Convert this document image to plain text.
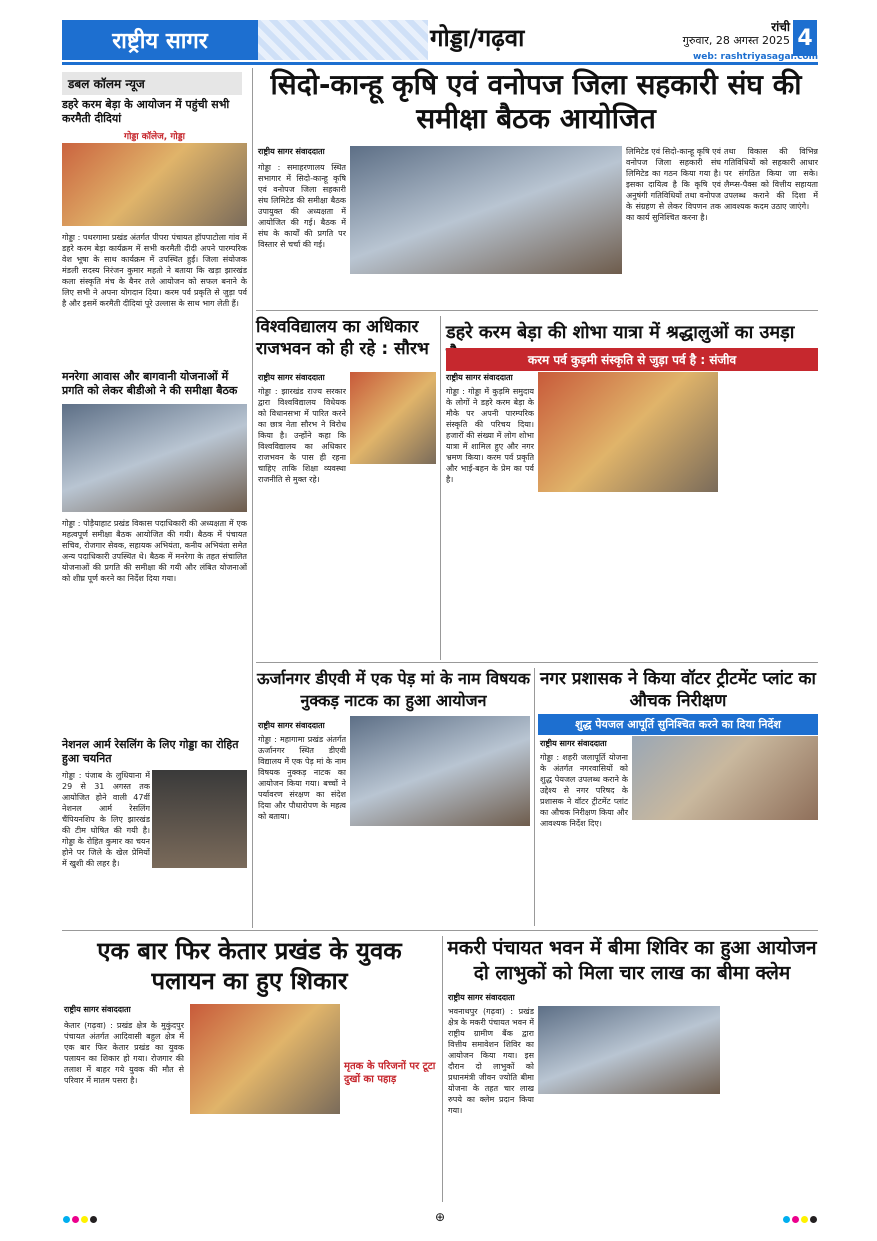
राष्ट्रीय सागर	गोड्डा/गढ़वा	रांची
गुरुवार, 28 अगस्त 2025 4
web: rashtriyasagar.com
डबल कॉलम न्यूज
डहरे करम बेड़ा के आयोजन में पहुंची सभी करमैती दीदियां
गोड्डा कॉलेज, गोड्डा
गोड्डा : पथरगामा प्रखंड अंतर्गत पीपरा पंचायत हॉपपाटोला गांव में डहरे करम बेड़ा कार्यक्रम में सभी करमैती दीदी अपने पारम्परिक वेश भूषा के साथ कार्यक्रम में उपस्थित हुईं। जिला संयोजक मंडली सदस्य निरंजन कुमार महतो ने बताया कि खड़ा झारखंड कला संस्कृति मंच के बैनर तले आयोजन को सफल बनाने के लिए सभी ने अपना योगदान दिया। करम पर्व प्रकृति से जुड़ा पर्व है और इसमें करमैती दीदियां पूरे उल्लास के साथ भाग लेती हैं।
मनरेगा आवास और बागवानी योजनाओं में प्रगति को लेकर बीडीओ ने की समीक्षा बैठक
गोड्डा : पोड़ैयाहाट प्रखंड विकास पदाधिकारी की अध्यक्षता में एक महत्वपूर्ण समीक्षा बैठक आयोजित की गयी। बैठक में पंचायत सचिव, रोजगार सेवक, सहायक अभियंता, कनीय अभियंता समेत अन्य पदाधिकारी उपस्थित थे। बैठक में मनरेगा के तहत संचालित योजनाओं की प्रगति की समीक्षा की गयी और लंबित योजनाओं को शीघ्र पूर्ण करने का निर्देश दिया गया।
नेशनल आर्म रेसलिंग के लिए गोड्डा का रोहित हुआ चयनित
गोड्डा : पंजाब के लुधियाना में 29 से 31 अगस्त तक आयोजित होने वाली 47वीं नेशनल आर्म रेसलिंग चैंपियनशिप के लिए झारखंड की टीम घोषित की गयी है। गोड्डा के रोहित कुमार का चयन होने पर जिले के खेल प्रेमियों में खुशी की लहर है।
सिदो-कान्हू कृषि एवं वनोपज जिला सहकारी संघ की समीक्षा बैठक आयोजित
राष्ट्रीय सागर संवाददाता
गोड्डा : समाहरणालय स्थित सभागार में सिदो-कान्हू कृषि एवं वनोपज जिला सहकारी संघ लिमिटेड की समीक्षा बैठक उपायुक्त की अध्यक्षता में आयोजित की गई। बैठक में संघ के कार्यों की प्रगति पर विस्तार से चर्चा की गई।
लिमिटेड एवं सिदो-कान्हू कृषि एवं वनोपज जिला सहकारी संघ लिमिटेड का गठन किया गया है। इसका दायित्व है कि कृषि एवं अनुषंगी गतिविधियों तथा वनोपज के संग्रहण से लेकर विपणन तक का कार्य सुनिश्चित करना है।
तथा विकास की विभिन्न गतिविधियों को सहकारी आधार पर संगठित किया जा सके। लैम्प्स-पैक्स को वित्तीय सहायता उपलब्ध कराने की दिशा में आवश्यक कदम उठाए जाएंगे।
विश्वविद्यालय का अधिकार राजभवन को ही रहे : सौरभ
राष्ट्रीय सागर संवाददाता
गोड्डा : झारखंड राज्य सरकार द्वारा विश्वविद्यालय विधेयक को विधानसभा में पारित करने का छात्र नेता सौरभ ने विरोध किया है। उन्होंने कहा कि विश्वविद्यालय का अधिकार राजभवन के पास ही रहना चाहिए ताकि शिक्षा व्यवस्था राजनीति से मुक्त रहे।
डहरे करम बेड़ा की शोभा यात्रा में श्रद्धालुओं का उमड़ा
करम पर्व कुड़मी संस्कृति से जुड़ा पर्व है : संजीव
राष्ट्रीय सागर संवाददाता
गोड्डा : गोड्डा में कुड़मि समुदाय के लोगों ने डहरे करम बेड़ा के मौके पर अपनी पारम्परिक संस्कृति की परिचय दिया। हजारों की संख्या में लोग शोभा यात्रा में शामिल हुए और नगर भ्रमण किया। करम पर्व प्रकृति और भाई-बहन के प्रेम का पर्व है।
ऊर्जानगर डीएवी में एक पेड़ मां के नाम विषयक नुक्कड़ नाटक का हुआ आयोजन
राष्ट्रीय सागर संवाददाता
गोड्डा : महागामा प्रखंड अंतर्गत ऊर्जानगर स्थित डीएवी विद्यालय में एक पेड़ मां के नाम विषयक नुक्कड़ नाटक का आयोजन किया गया। बच्चों ने पर्यावरण संरक्षण का संदेश दिया और पौधारोपण के महत्व को बताया।
नगर प्रशासक ने किया वॉटर ट्रीटमेंट प्लांट का औचक निरीक्षण
शुद्ध पेयजल आपूर्ति सुनिश्चित करने का दिया निर्देश
राष्ट्रीय सागर संवाददाता
गोड्डा : शहरी जलापूर्ति योजना के अंतर्गत नगरवासियों को शुद्ध पेयजल उपलब्ध कराने के उद्देश्य से नगर परिषद के प्रशासक ने वॉटर ट्रीटमेंट प्लांट का औचक निरीक्षण किया और आवश्यक निर्देश दिए।
एक बार फिर केतार प्रखंड के युवक पलायन का हुए शिकार
राष्ट्रीय सागर संवाददाता
केतार (गढ़वा) : प्रखंड क्षेत्र के मुकुंदपुर पंचायत अंतर्गत आदिवासी बहुल क्षेत्र में एक बार फिर केतार प्रखंड का युवक पलायन का शिकार हो गया। रोजगार की तलाश में बाहर गये युवक की मौत से परिवार में मातम पसरा है।
मृतक के परिजनों पर टूटा दुखों का पहाड़
मकरी पंचायत भवन में बीमा शिविर का हुआ आयोजन दो लाभुकों को मिला चार लाख का बीमा क्लेम
राष्ट्रीय सागर संवाददाता
भवनाथपुर (गढ़वा) : प्रखंड क्षेत्र के मकरी पंचायत भवन में राष्ट्रीय ग्रामीण बैंक द्वारा वित्तीय समावेशन शिविर का आयोजन किया गया। इस दौरान दो लाभुकों को प्रधानमंत्री जीवन ज्योति बीमा योजना के तहत चार लाख रुपये का क्लेम प्रदान किया गया।
⊕
